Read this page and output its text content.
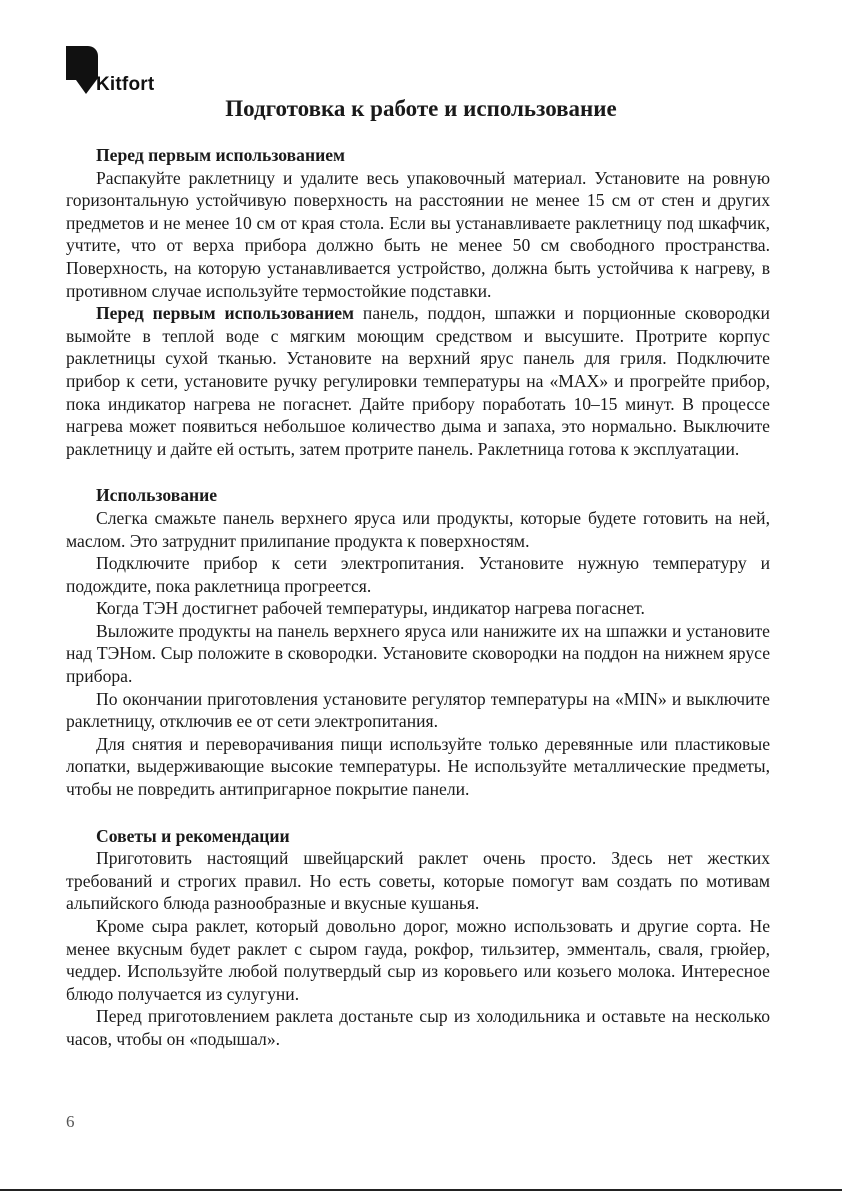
Kitfort
Подготовка к работе и использование
Перед первым использованием

Распакуйте раклетницу и удалите весь упаковочный материал. Установите на ровную горизонтальную устойчивую поверхность на расстоянии не менее 15 см от стен и других предметов и не менее 10 см от края стола. Если вы устанавливаете раклетницу под шкафчик, учтите, что от верха прибора должно быть не менее 50 см свободного пространства. Поверхность, на которую устанавливается устройство, должна быть устойчива к нагреву, в противном случае используйте термостойкие подставки.

Перед первым использованием панель, поддон, шпажки и порционные сковородки вымойте в теплой воде с мягким моющим средством и высушите. Протрите корпус раклетницы сухой тканью. Установите на верхний ярус панель для гриля. Подключите прибор к сети, установите ручку регулировки температуры на «MAX» и прогрейте прибор, пока индикатор нагрева не погаснет. Дайте прибору поработать 10–15 минут. В процессе нагрева может появиться небольшое количество дыма и запаха, это нормально. Выключите раклетницу и дайте ей остыть, затем протрите панель. Раклетница готова к эксплуатации.

Использование

Слегка смажьте панель верхнего яруса или продукты, которые будете готовить на ней, маслом. Это затруднит прилипание продукта к поверхностям.

Подключите прибор к сети электропитания. Установите нужную температуру и подождите, пока раклетница прогреется.

Когда ТЭН достигнет рабочей температуры, индикатор нагрева погаснет.

Выложите продукты на панель верхнего яруса или нанижите их на шпажки и установите над ТЭНом. Сыр положите в сковородки. Установите сковородки на поддон на нижнем ярусе прибора.

По окончании приготовления установите регулятор температуры на «MIN» и выключите раклетницу, отключив ее от сети электропитания.

Для снятия и переворачивания пищи используйте только деревянные или пластиковые лопатки, выдерживающие высокие температуры. Не используйте металлические предметы, чтобы не повредить антипригарное покрытие панели.

Советы и рекомендации

Приготовить настоящий швейцарский раклет очень просто. Здесь нет жестких требований и строгих правил. Но есть советы, которые помогут вам создать по мотивам альпийского блюда разнообразные и вкусные кушанья.

Кроме сыра раклет, который довольно дорог, можно использовать и другие сорта. Не менее вкусным будет раклет с сыром гауда, рокфор, тильзитер, эмменталь, сваля, грюйер, чеддер. Используйте любой полутвердый сыр из коровьего или козьего молока. Интересное блюдо получается из сулугуни.

Перед приготовлением раклета достаньте сыр из холодильника и оставьте на несколько часов, чтобы он «подышал».

6
